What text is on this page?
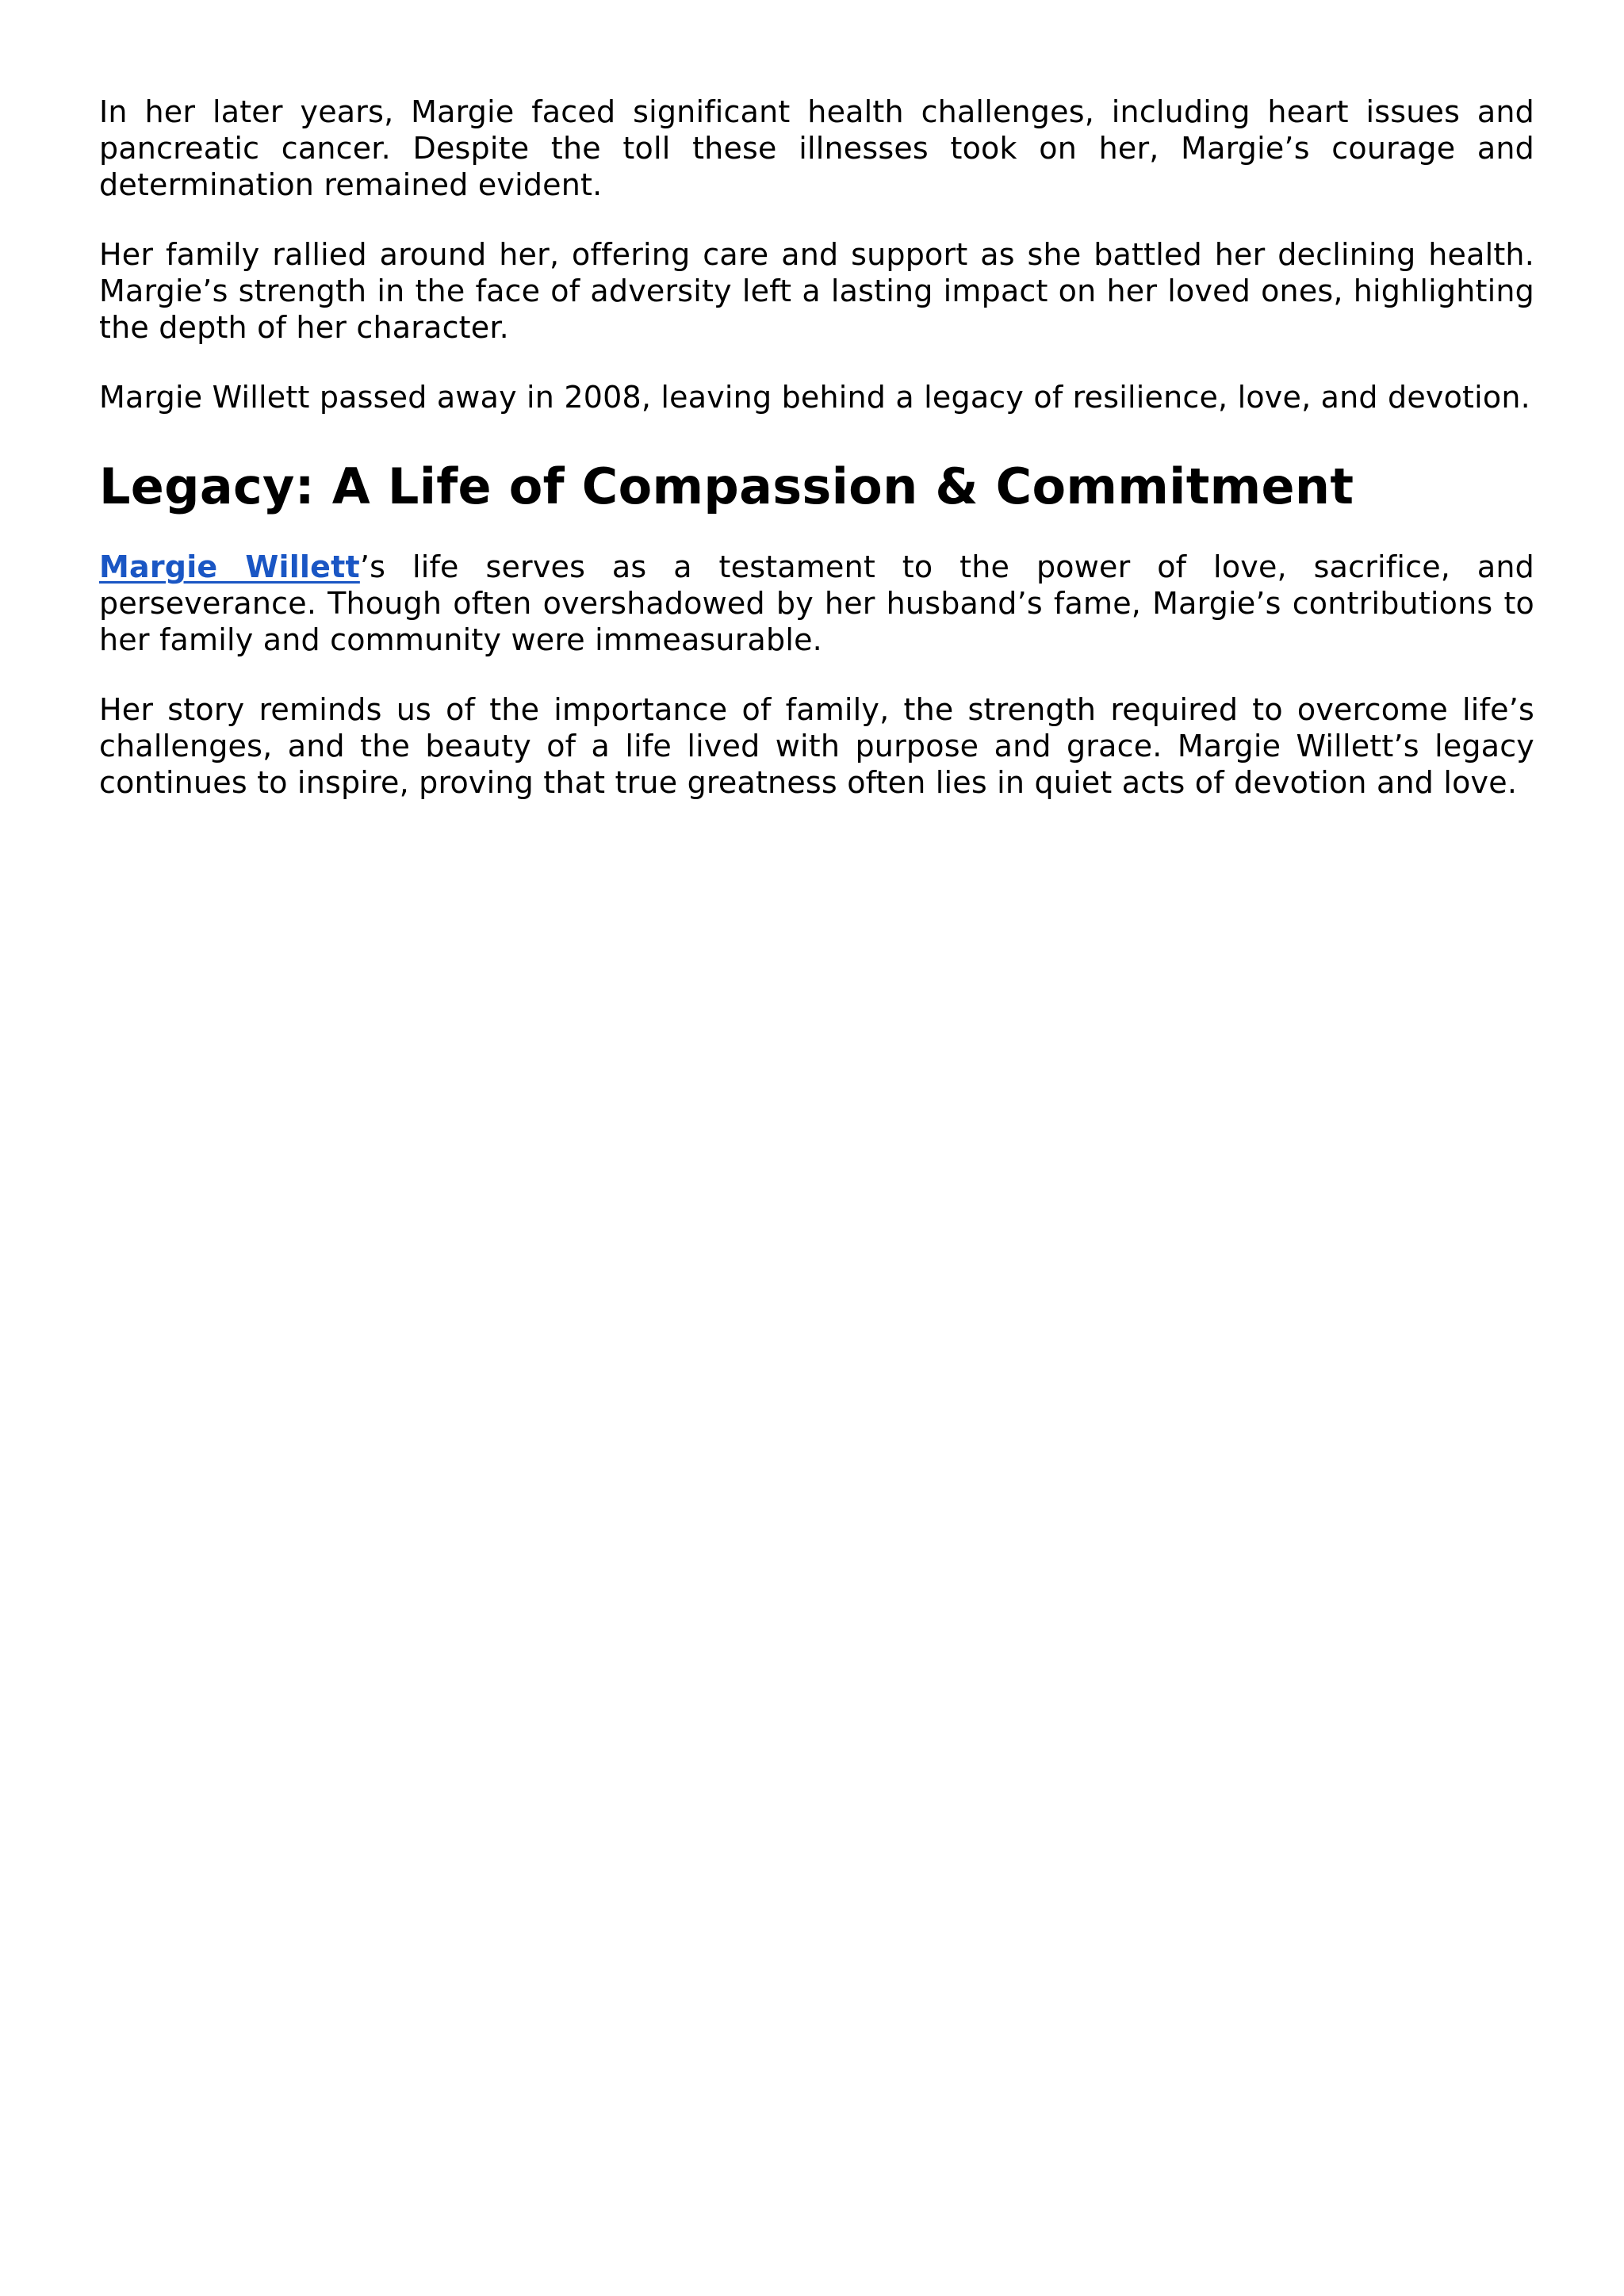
In her later years, Margie faced significant health challenges, including heart issues and pancreatic cancer. Despite the toll these illnesses took on her, Margie’s courage and determination remained evident.

Her family rallied around her, offering care and support as she battled her declining health. Margie’s strength in the face of adversity left a lasting impact on her loved ones, highlighting the depth of her character.

Margie Willett passed away in 2008, leaving behind a legacy of resilience, love, and devotion.

Legacy: A Life of Compassion & Commitment

Margie Willett’s life serves as a testament to the power of love, sacrifice, and perseverance. Though often overshadowed by her husband’s fame, Margie’s contributions to her family and community were immeasurable.

Her story reminds us of the importance of family, the strength required to overcome life’s challenges, and the beauty of a life lived with purpose and grace. Margie Willett’s legacy continues to inspire, proving that true greatness often lies in quiet acts of devotion and love.
